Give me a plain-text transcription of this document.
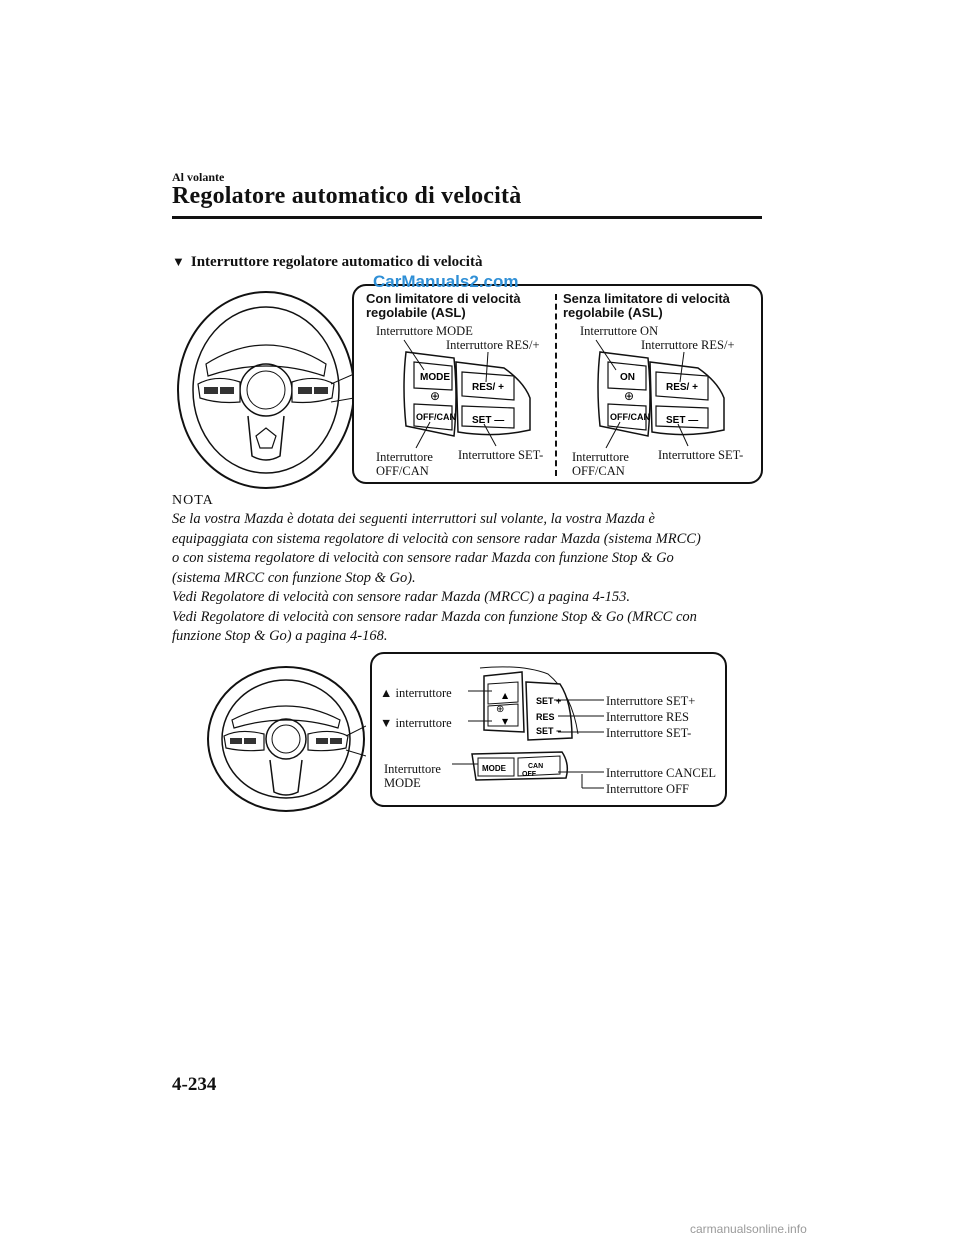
Al volante
Regolatore automatico di velocità
▼ Interruttore regolatore automatico di velocità
Con limitatore di velocità
regolabile (ASL)
Senza limitatore di velocità
regolabile (ASL)
MODE
⊕
OFF/CAN
RES/ +
SET —
ON
⊕
OFF/CAN
RES/ +
SET —
Interruttore MODE
Interruttore RES/+
Interruttore
OFF/CAN
Interruttore SET-
Interruttore ON
Interruttore RES/+
Interruttore
OFF/CAN
Interruttore SET-
CarManuals2.com
NOTA
Se la vostra Mazda è dotata dei seguenti interruttori sul volante, la vostra Mazda è
equipaggiata con sistema regolatore di velocità con sensore radar Mazda (sistema MRCC)
o con sistema regolatore di velocità con sensore radar Mazda con funzione Stop & Go
(sistema MRCC con funzione Stop & Go).
Vedi Regolatore di velocità con sensore radar Mazda (MRCC) a pagina 4-153.
Vedi Regolatore di velocità con sensore radar Mazda con funzione Stop & Go (MRCC con
funzione Stop & Go) a pagina 4-168.
▲
⊕
▼
SET +
RES
SET −
MODE	CAN
OFF
▲ interruttore
▼ interruttore
Interruttore
MODE
Interruttore SET+
Interruttore RES
Interruttore SET-
Interruttore CANCEL
Interruttore OFF
4-234
carmanualsonline.info
